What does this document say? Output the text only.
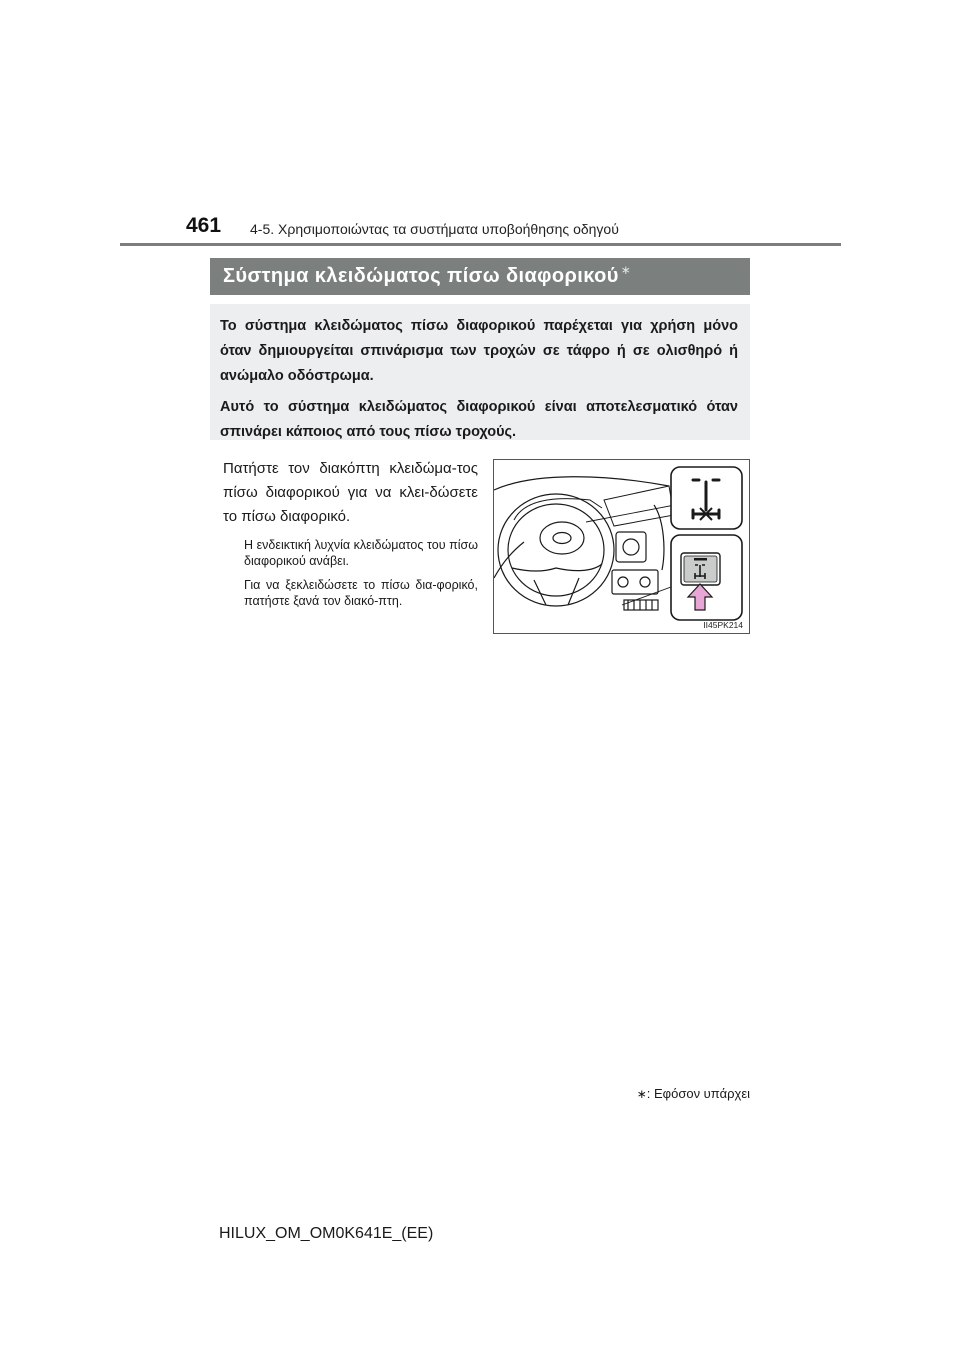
461 4-5. Χρησιμοποιώντας τα συστήματα υποβοήθησης οδηγού
Σύστημα κλειδώματος πίσω διαφορικού ∗

Το σύστημα κλειδώματος πίσω διαφορικού παρέχεται για χρήση μόνο όταν δημιουργείται σπινάρισμα των τροχών σε τάφρο ή σε ολισθηρό ή ανώμαλο οδόστρωμα.

Αυτό το σύστημα κλειδώματος διαφορικού είναι αποτελεσματικό όταν σπινάρει κάποιος από τους πίσω τροχούς.

Πατήστε τον διακόπτη κλειδώμα-τος πίσω διαφορικού για να κλει-δώσετε το πίσω διαφορικό.

Η ενδεικτική λυχνία κλειδώματος του πίσω διαφορικού ανάβει.

Για να ξεκλειδώσετε το πίσω δια-φορικό, πατήστε ξανά τον διακό-πτη.

II45PK214
∗: Εφόσον υπάρχει
HILUX_OM_OM0K641E_(EE)
